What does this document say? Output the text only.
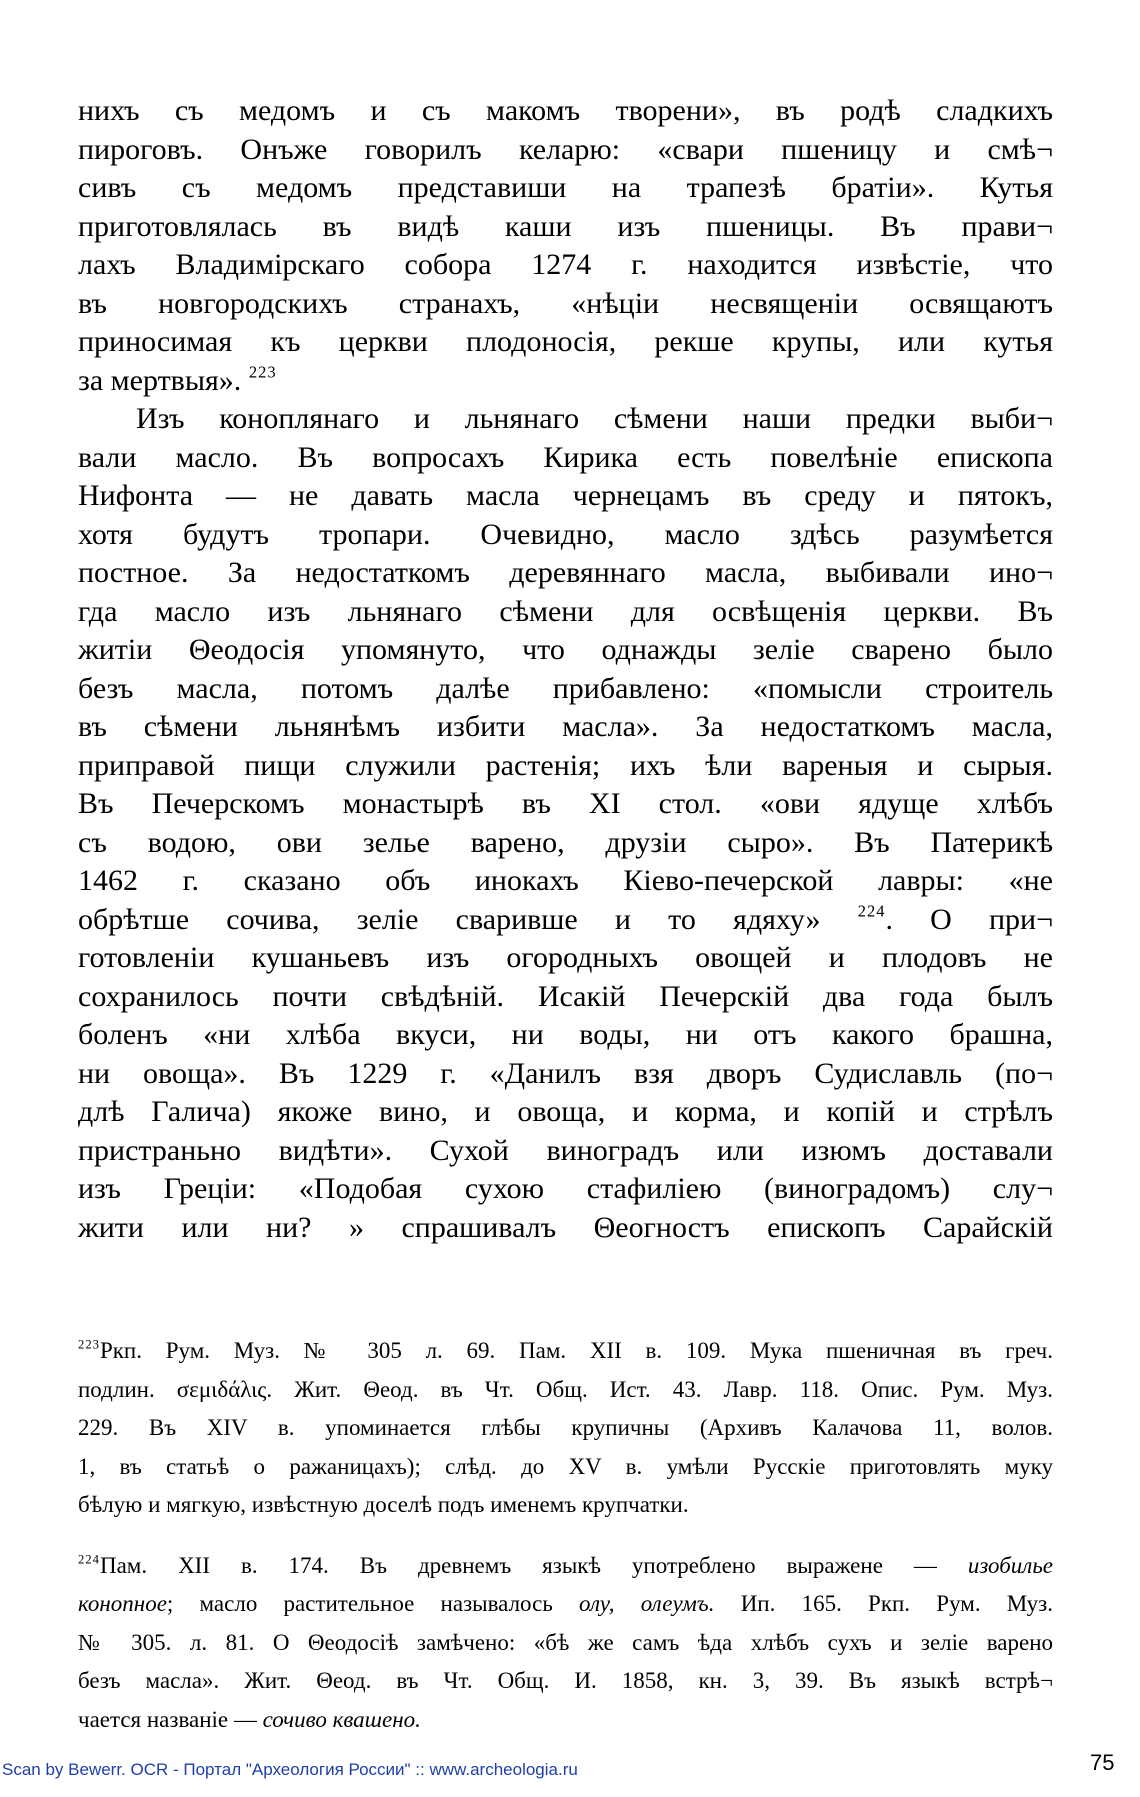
нихъ съ медомъ и съ макомъ творени», въ родѣ сладкихъ
пироговъ. Онъже говорилъ келарю: «свари пшеницу и смѣ¬
сивъ съ медомъ представиши на трапезѣ братіи». Кутья
приготовлялась въ видѣ каши изъ пшеницы. Въ прави¬
лахъ Владимірскаго собора 1274 г. находится извѣстіе, что
въ новгородскихъ странахъ, «нѣціи несвященіи освящаютъ
приносимая къ церкви плодоносія, рекше крупы, или кутья
за мертвыя». $^{223}$
Изъ коноплянаго и льнянаго сѣмени наши предки выби¬
вали масло. Въ вопросахъ Кирика есть повелѣніе епископа
Нифонта — не давать масла чернецамъ въ среду и пятокъ,
хотя будутъ тропари. Очевидно, масло здѣсь разумѣется
постное. За недостаткомъ деревяннаго масла, выбивали ино¬
гда масло изъ льнянаго сѣмени для освѣщенія церкви. Въ
житіи Θеодосія упомянуто, что однажды зеліе сварено было
безъ масла, потомъ далѣе прибавлено: «помысли строитель
въ сѣмени льнянѣмъ избити масла». За недостаткомъ масла,
приправой пищи служили растенія; ихъ ѣли вареныя и сырыя.
Въ Печерскомъ монастырѣ въ XI стол. «ови ядуще хлѣбъ
съ водою, ови зелье варено, друзіи сыро». Въ Патерикѣ
1462 г. сказано объ инокахъ Кіево-печерской лавры: «не
обрѣтше сочива, зеліе сваривше и то ядяху» $^{224}$. О при¬
готовленіи кушаньевъ изъ огородныхъ овощей и плодовъ не
сохранилось почти свѣдѣній. Исакій Печерскій два года былъ
боленъ «ни хлѣба вкуси, ни воды, ни отъ какого брашна,
ни овоща». Въ 1229 г. «Данилъ взя дворъ Судиславль (по¬
длѣ Галича) якоже вино, и овоща, и корма, и копій и стрѣлъ
пристраньно видѣти». Сухой виноградъ или изюмъ доставали
изъ Греціи: «Подобая сухою стафиліею (виноградомъ) слу¬
жити или ни? » спрашивалъ Θеогностъ епископъ Сарайскій
$^{223}$Ркп. Рум. Муз. № 305 л. 69. Пам. XII в. 109. Мука пшеничная въ греч.
подлин. σεμιδάλις. Жит. Θеод. въ Чт. Общ. Ист. 43. Лавр. 118. Опис. Рум. Муз.
229. Въ XIV в. упоминается глѣбы крупичны (Архивъ Калачова 11, волов.
1, въ статьѣ о ражаницахъ); слѣд. до XV в. умѣли Русскіе приготовлять муку
бѣлую и мягкую, извѣстную доселѣ подъ именемъ крупчатки.
$^{224}$Пам. XII в. 174. Въ древнемъ языкѣ употреблено выражене — изобилье
конопное; масло растительное называлось олу, олеумъ. Ип. 165. Ркп. Рум. Муз.
№ 305. л. 81. О Θеодосіѣ замѣчено: «бѣ же самъ ѣда хлѣбъ сухъ и зеліе варено
безъ масла». Жит. Θеод. въ Чт. Общ. И. 1858, кн. 3, 39. Въ языкѣ встрѣ¬
чается названіе — сочиво квашено.
Scan by Bewerr. OCR - Портал "Археология России" :: www.archeologia.ru	75
